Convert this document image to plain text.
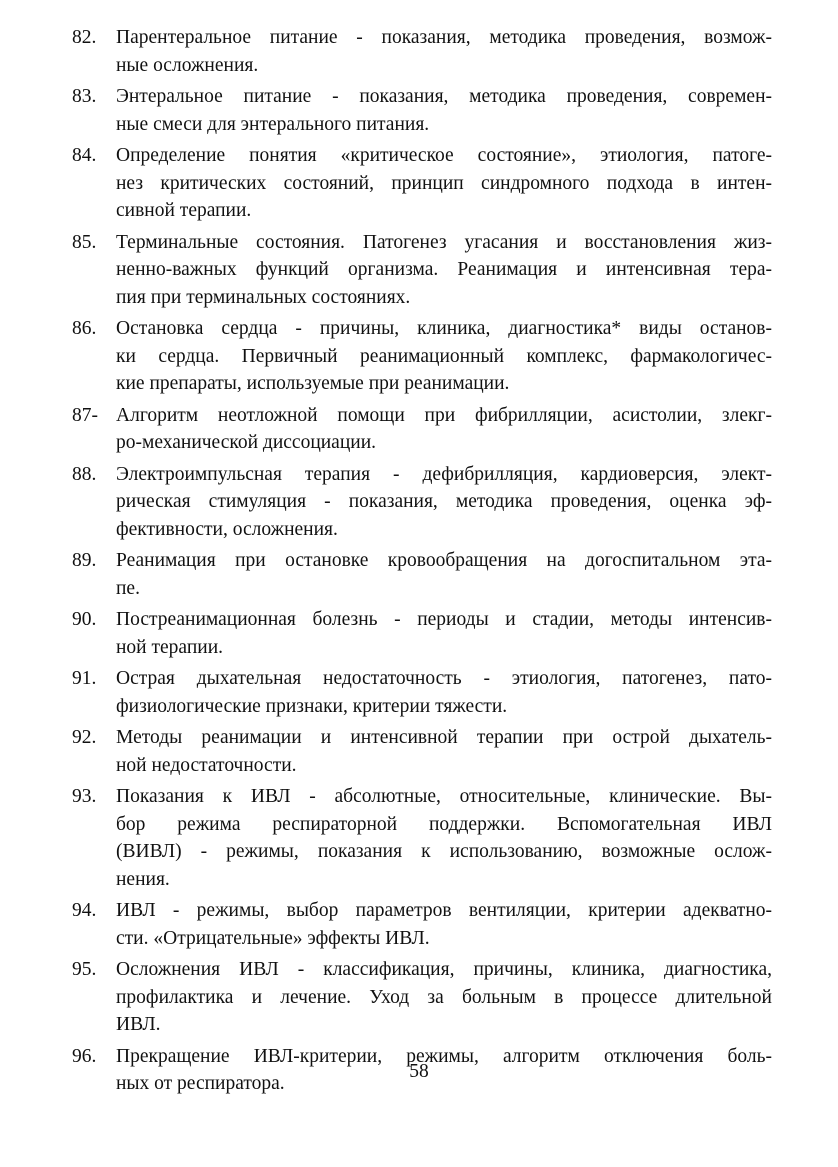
82.	Парентеральное питание - показания, методика проведения, возмож-
ные осложнения.
83.	Энтеральное питание - показания, методика проведения, современ-
ные смеси для энтерального питания.
84.	Определение понятия «критическое состояние», этиология, патоге-
нез критических состояний, принцип синдромного подхода в интен-
сивной терапии.
85.	Терминальные состояния. Патогенез угасания и восстановления жиз-
ненно-важных функций организма. Реанимация и интенсивная тера-
пия при терминальных состояниях.
86.	Остановка сердца - причины, клиника, диагностика* виды останов-
ки сердца. Первичный реанимационный комплекс, фармакологичес-
кие препараты, используемые при реанимации.
87- Алгоритм неотложной помощи при фибрилляции, асистолии, злекг-
ро-механической диссоциации.
88.	Электроимпульсная терапия - дефибрилляция, кардиоверсия, элект-
рическая стимуляция - показания, методика проведения, оценка эф-
фективности, осложнения.
89.	Реанимация при остановке кровообращения на догоспитальном эта-
пе.
90.	Постреанимационная болезнь - периоды и стадии, методы интенсив-
ной терапии.
91.	Острая дыхательная недостаточность - этиология, патогенез, пато-
физиологические признаки, критерии тяжести.
92.	Методы реанимации и интенсивной терапии при острой дыхатель-
ной недостаточности.
93.	Показания к ИВЛ - абсолютные, относительные, клинические. Вы-
бор режима респираторной поддержки. Вспомогательная ИВЛ
(ВИВЛ) - режимы, показания к использованию, возможные ослож-
нения.
94.	ИВЛ - режимы, выбор параметров вентиляции, критерии адекватно-
сти. «Отрицательные» эффекты ИВЛ.
95.	Осложнения ИВЛ - классификация, причины, клиника, диагностика,
профилактика и лечение. Уход за больным в процессе длительной
ИВЛ.
96.	Прекращение ИВЛ-критерии, режимы, алгоритм отключения боль-
ных от респиратора.
58
